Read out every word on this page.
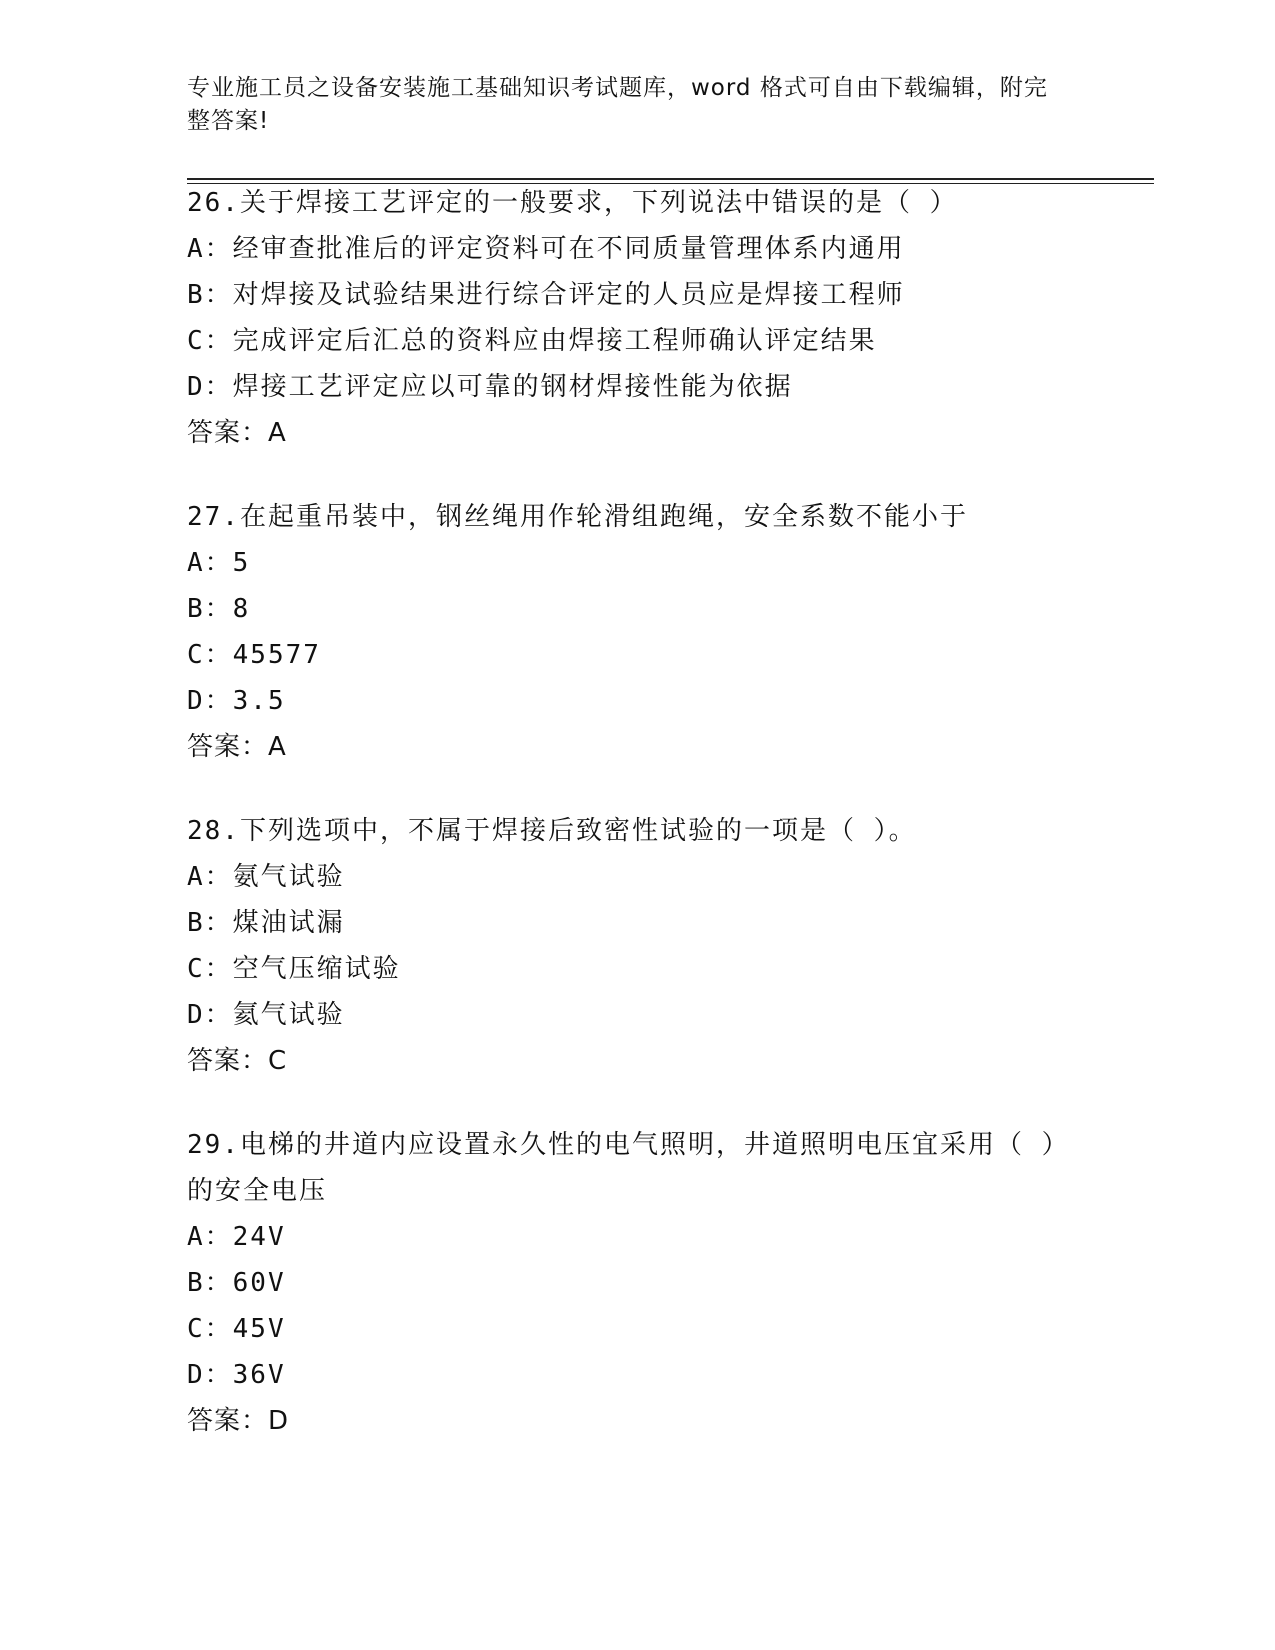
专业施工员之设备安装施工基础知识考试题库，word 格式可自由下载编辑，附完整答案!
26.关于焊接工艺评定的一般要求，下列说法中错误的是（ ）
A：经审查批准后的评定资料可在不同质量管理体系内通用
B：对焊接及试验结果进行综合评定的人员应是焊接工程师
C：完成评定后汇总的资料应由焊接工程师确认评定结果
D：焊接工艺评定应以可靠的钢材焊接性能为依据
答案：A
27.在起重吊装中，钢丝绳用作轮滑组跑绳，安全系数不能小于
A：5
B：8
C：45577
D：3.5
答案：A
28.下列选项中，不属于焊接后致密性试验的一项是（ ）。
A：氨气试验
B：煤油试漏
C：空气压缩试验
D：氦气试验
答案：C
29.电梯的井道内应设置永久性的电气照明，井道照明电压宜采用（ ）的安全电压
A：24V
B：60V
C：45V
D：36V
答案：D
